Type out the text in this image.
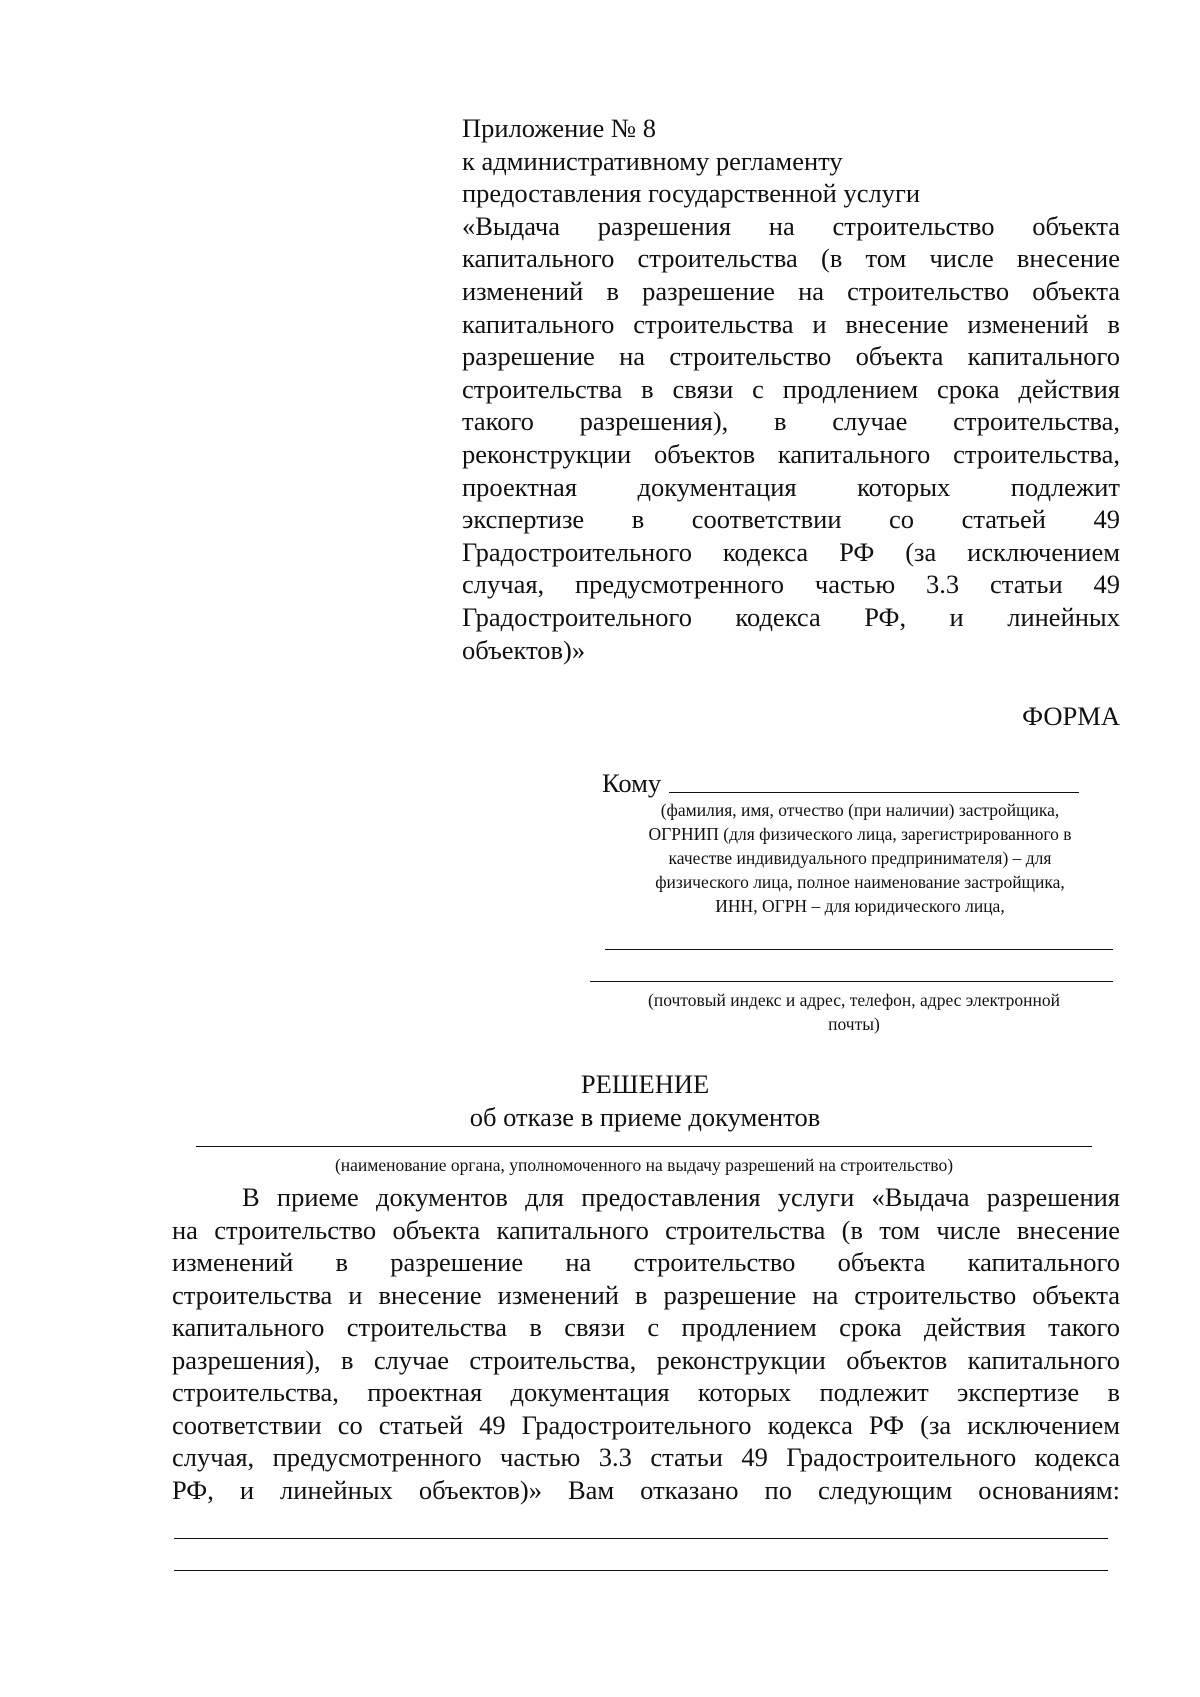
Приложение № 8
к административному регламенту
предоставления государственной услуги
«Выдача разрешения на строительство объекта
капитального строительства (в том числе внесение
изменений в разрешение на строительство объекта
капитального строительства и внесение изменений в
разрешение на строительство объекта капитального
строительства в связи с продлением срока действия
такого разрешения), в случае строительства,
реконструкции объектов капитального строительства,
проектная документация которых подлежит
экспертизе в соответствии со статьей 49
Градостроительного кодекса РФ (за исключением
случая, предусмотренного частью 3.3 статьи 49
Градостроительного кодекса РФ, и линейных
объектов)»
ФОРМА
Кому
(фамилия, имя, отчество (при наличии) застройщика,
ОГРНИП (для физического лица, зарегистрированного в
качестве индивидуального предпринимателя) – для
физического лица, полное наименование застройщика,
ИНН, ОГРН – для юридического лица,
(почтовый индекс и адрес, телефон, адрес электронной
почты)
РЕШЕНИЕ
об отказе в приеме документов
(наименование органа, уполномоченного на выдачу разрешений на строительство)
В приеме документов для предоставления услуги «Выдача разрешения
на строительство объекта капитального строительства (в том числе внесение
изменений в разрешение на строительство объекта капитального
строительства и внесение изменений в разрешение на строительство объекта
капитального строительства в связи с продлением срока действия такого
разрешения), в случае строительства, реконструкции объектов капитального
строительства, проектная документация которых подлежит экспертизе в
соответствии со статьей 49 Градостроительного кодекса РФ (за исключением
случая, предусмотренного частью 3.3 статьи 49 Градостроительного кодекса
РФ, и линейных объектов)» Вам отказано по следующим основаниям:
